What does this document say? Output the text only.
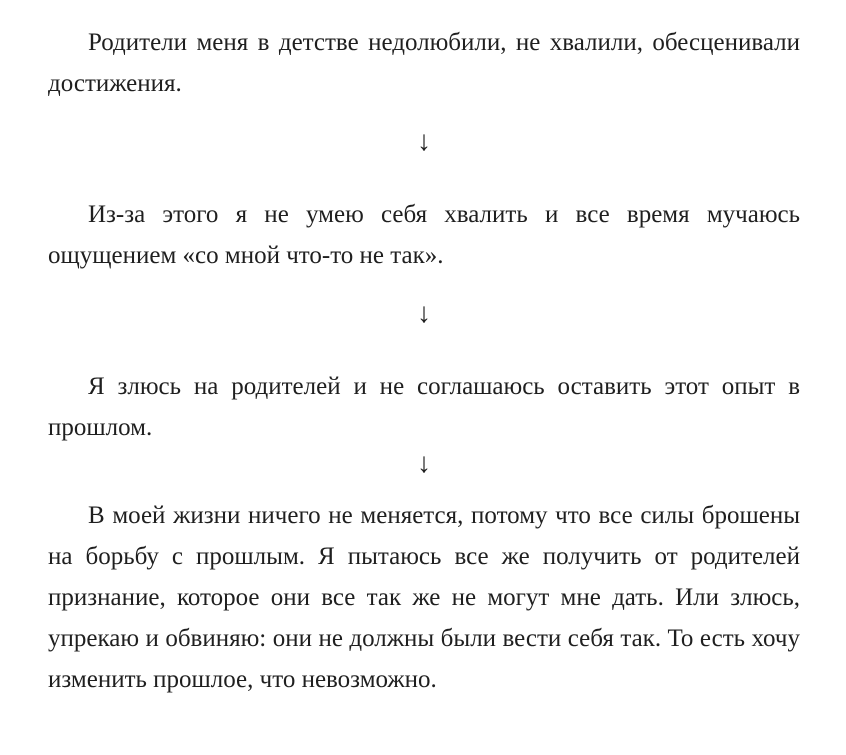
Родители меня в детстве недолюбили, не хвалили, обесценивали достижения.

↓

Из-за этого я не умею себя хвалить и все время мучаюсь ощущением «со мной что-то не так».

↓

Я злюсь на родителей и не соглашаюсь оставить этот опыт в прошлом.

↓

В моей жизни ничего не меняется, потому что все силы брошены на борьбу с прошлым. Я пытаюсь все же получить от родителей признание, которое они все так же не могут мне дать. Или злюсь, упрекаю и обвиняю: они не должны были вести себя так. То есть хочу изменить прошлое, что невозможно.
